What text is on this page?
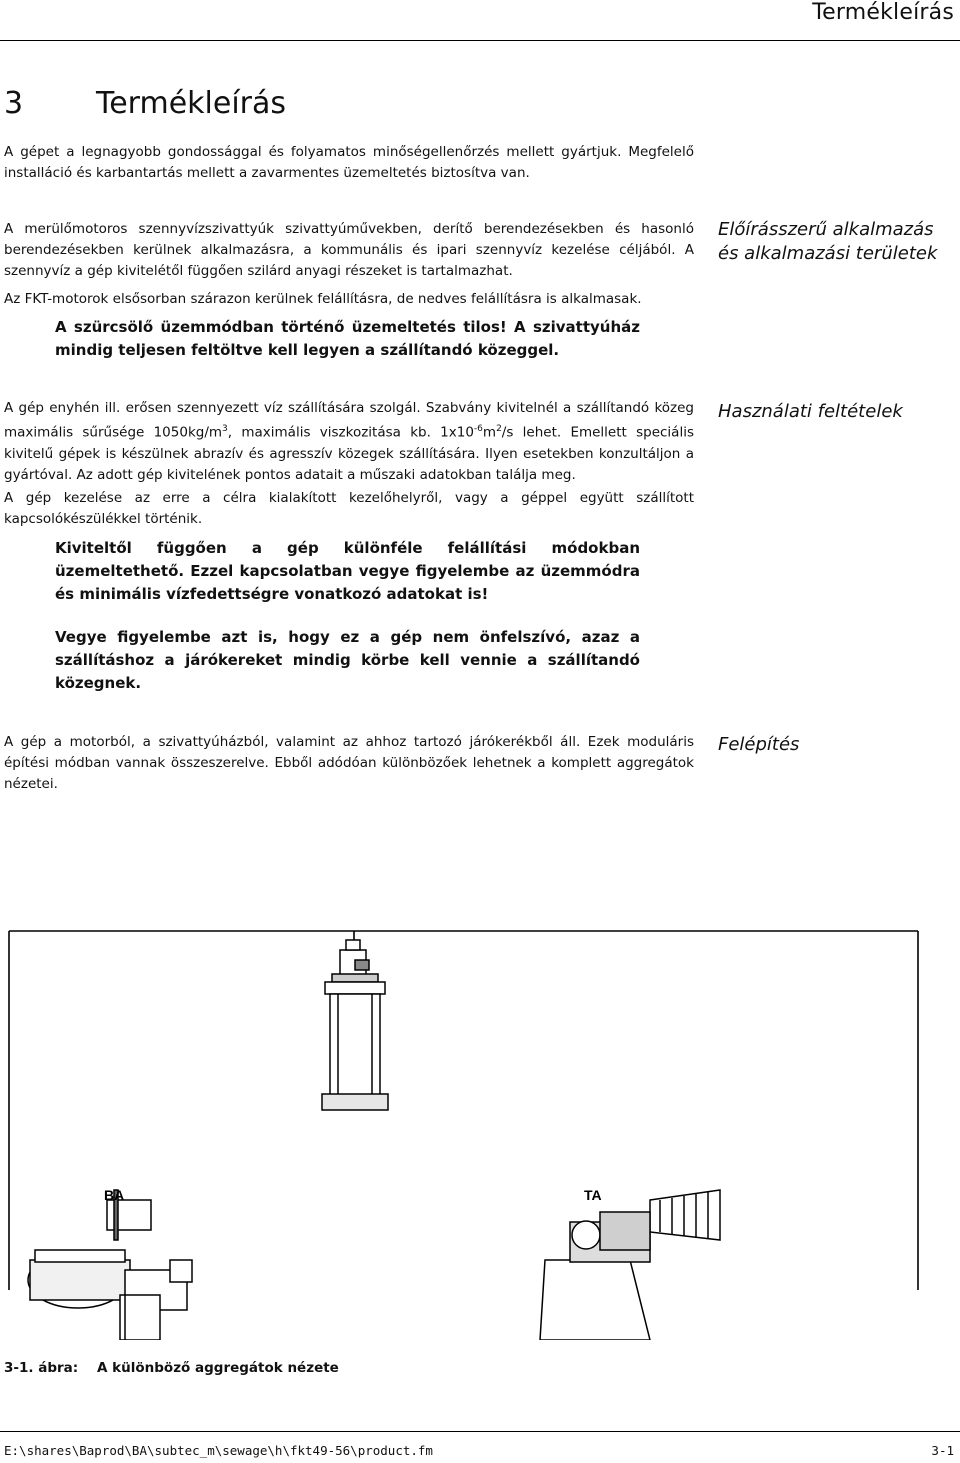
Termékleírás
3 Termékleírás
A gépet a legnagyobb gondossággal és folyamatos minőségellenőrzés mellett gyártjuk. Megfelelő installáció és karbantartás mellett a zavarmentes üzemeltetés biztosítva van.
Előírásszerű alkalmazás
és alkalmazási területek
A merülőmotoros szennyvízszivattyúk szivattyúművekben, derítő berendezésekben és hasonló berendezésekben kerülnek alkalmazásra, a kommunális és ipari szennyvíz kezelése céljából. A szennyvíz a gép kivitelétől függően szilárd anyagi részeket is tartalmazhat.
Az FKT-motorok elsősorban szárazon kerülnek felállításra, de nedves felállításra is alkalmasak.
A szürcsölő üzemmódban történő üzemeltetés tilos! A szivattyúház mindig teljesen feltöltve kell legyen a szállítandó közeggel.
Használati feltételek
A gép enyhén ill. erősen szennyezett víz szállítására szolgál. Szabvány kivitelnél a szállítandó közeg maximális sűrűsége $1050kg/m^3$, maximális viszkozitása kb. $1x10^{-6}m^2/s$ lehet. Emellett speciális kivitelű gépek is készülnek abrazív és agresszív közegek szállítására. Ilyen esetekben konzultáljon a gyártóval. Az adott gép kivitelének pontos adatait a műszaki adatokban találja meg.
A gép kezelése az erre a célra kialakított kezelőhelyről, vagy a géppel együtt szállított kapcsolókészülékkel történik.
Kiviteltől függően a gép különféle felállítási módokban üzemeltethető. Ezzel kapcsolatban vegye figyelembe az üzemmódra és minimális vízfedettségre vonatkozó adatokat is!
Vegye figyelembe azt is, hogy ez a gép nem önfelszívó, azaz a szállításhoz a járókereket mindig körbe kell vennie a szállítandó közegnek.
Felépítés
A gép a motorból, a szivattyúházból, valamint az ahhoz tartozó járókerékből áll. Ezek moduláris építési módban vannak összeszerelve. Ebből adódóan különbözőek lehetnek a komplett aggregátok nézetei.
BA	TA
3-1. ábra: A különböző aggregátok nézete
E:\shares\Baprod\BA\subtec_m\sewage\h\fkt49-56\product.fm	3-1
